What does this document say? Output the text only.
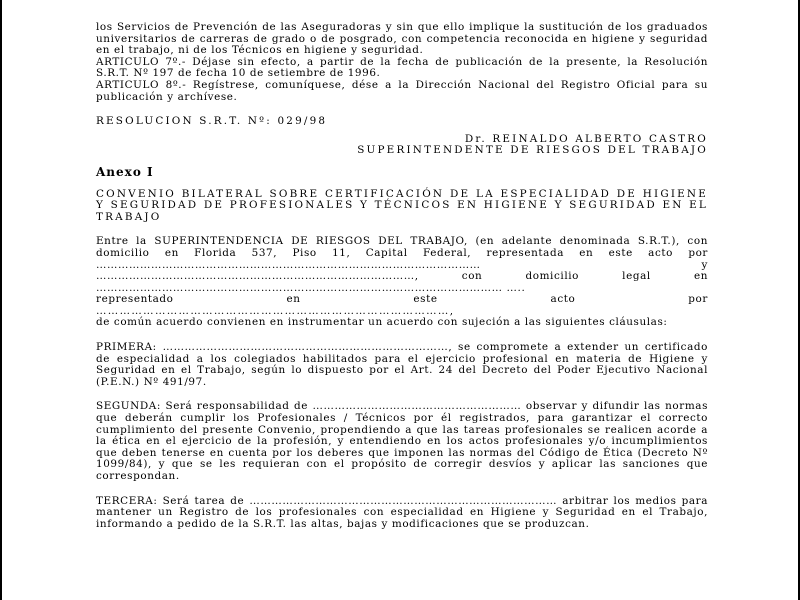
los Servicios de Prevención de las Aseguradoras y sin que ello implique la sustitución de los graduados universitarios de carreras de grado o de posgrado, con competencia reconocida en higiene y seguridad en el trabajo, ni de los Técnicos en higiene y seguridad.

ARTICULO 7º.- Déjase sin efecto, a partir de la fecha de publicación de la presente, la Resolución S.R.T. Nº 197 de fecha 10 de setiembre de 1996.

ARTICULO 8º.- Regístrese, comuníquese, dése a la Dirección Nacional del Registro Oficial para su publicación y archívese.

RESOLUCION S.R.T. Nº: 029/98

Dr. REINALDO ALBERTO CASTRO

SUPERINTENDENTE DE RIESGOS DEL TRABAJO

Anexo I

CONVENIO BILATERAL SOBRE CERTIFICACIÓN DE LA ESPECIALIDAD DE HIGIENE Y SEGURIDAD DE PROFESIONALES Y TÉCNICOS EN HIGIENE Y SEGURIDAD EN EL TRABAJO

Entre la SUPERINTENDENCIA DE RIESGOS DEL TRABAJO, (en adelante denominada S.R.T.), con domicilio en Florida 537, Piso 11, Capital Federal, representada en este acto por …………………………………………………………………………………………… y ……………………………………………………………………………, con domicilio legal en ………………………………………………………………………………………………… …..

representado	en	este	acto	por

………………………………………………………………………………,

de común acuerdo convienen en instrumentar un acuerdo con sujeción a las siguientes cláusulas:

PRIMERA: ……………………………………………………………………, se compromete a extender un certificado de especialidad a los colegiados habilitados para el ejercicio profesional en materia de Higiene y Seguridad en el Trabajo, según lo dispuesto por el Art. 24 del Decreto del Poder Ejecutivo Nacional (P.E.N.) Nº 491/97.

SEGUNDA: Será responsabilidad de ………………………………………………… observar y difundir las normas que deberán cumplir los Profesionales / Técnicos por él registrados, para garantizar el correcto cumplimiento del presente Convenio, propendiendo a que las tareas profesionales se realicen acorde a la ética en el ejercicio de la profesión, y entendiendo en los actos profesionales y/o incumplimientos que deben tenerse en cuenta por los deberes que imponen las normas del Código de Ética (Decreto Nº 1099/84), y que se les requieran con el propósito de corregir desvíos y aplicar las sanciones que correspondan.

TERCERA: Será tarea de ………………………………………………………………………… arbitrar los medios para mantener un Registro de los profesionales con especialidad en Higiene y Seguridad en el Trabajo, informando a pedido de la S.R.T. las altas, bajas y modificaciones que se produzcan.
